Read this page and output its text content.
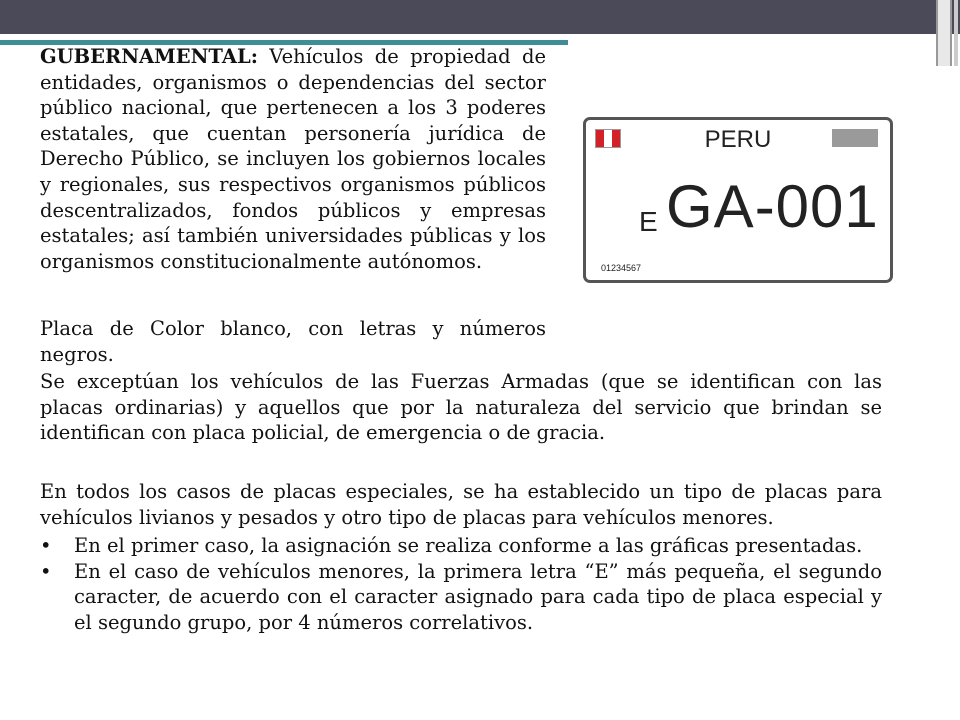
GUBERNAMENTAL: Vehículos de propiedad de entidades, organismos o dependencias del sector público nacional, que pertenecen a los 3 poderes estatales, que cuentan personería jurídica de Derecho Público, se incluyen los gobiernos locales y regionales, sus respectivos organismos públicos descentralizados, fondos públicos y empresas estatales; así también universidades públicas y los organismos constitucionalmente autónomos.

Placa de Color blanco, con letras y números negros.

Se exceptúan los vehículos de las Fuerzas Armadas (que se identifican con las placas ordinarias) y aquellos que por la naturaleza del servicio que brindan se identifican con placa policial, de emergencia o de gracia.

En todos los casos de placas especiales, se ha establecido un tipo de placas para vehículos livianos y pesados y otro tipo de placas para vehículos menores.

• En el primer caso, la asignación se realiza conforme a las gráficas presentadas.
• En el caso de vehículos menores, la primera letra “E” más pequeña, el segundo caracter, de acuerdo con el caracter asignado para cada tipo de placa especial y el segundo grupo, por 4 números correlativos.
PERU
E GA-001
01234567
